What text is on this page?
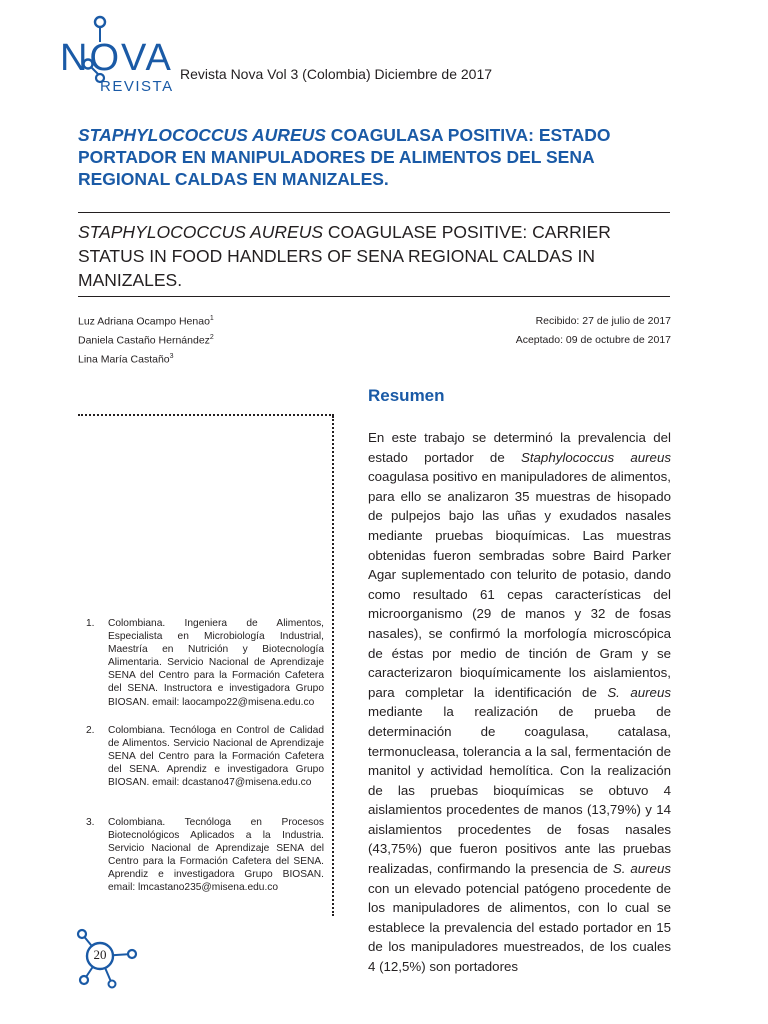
NOVA
REVISTA
Revista Nova Vol 3 (Colombia) Diciembre de 2017
STAPHYLOCOCCUS AUREUS COAGULASA POSITIVA: ESTADO PORTADOR EN MANIPULADORES DE ALIMENTOS DEL SENA REGIONAL CALDAS EN MANIZALES.
STAPHYLOCOCCUS AUREUS COAGULASE POSITIVE: CARRIER STATUS IN FOOD HANDLERS OF SENA REGIONAL CALDAS IN MANIZALES.
Luz Adriana Ocampo Henao$^1$
Daniela Castaño Hernández$^2$
Lina María Castaño$^3$
Recibido: 27 de julio de 2017
Aceptado: 09 de octubre de 2017
Resumen

En este trabajo se determinó la prevalencia del estado portador de Staphylococcus aureus coagulasa positivo en manipuladores de alimentos, para ello se analizaron 35 muestras de hisopado de pulpejos bajo las uñas y exudados nasales mediante pruebas bioquímicas. Las muestras obtenidas fueron sembradas sobre Baird Parker Agar suplementado con telurito de potasio, dando como resultado 61 cepas características del microorganismo (29 de manos y 32 de fosas nasales), se confirmó la morfología microscópica de éstas por medio de tinción de Gram y se caracterizaron bioquímicamente los aislamientos, para completar la identificación de S. aureus mediante la realización de prueba de determinación de coagulasa, catalasa, termonucleasa, tolerancia a la sal, fermentación de manitol y actividad hemolítica. Con la realización de las pruebas bioquímicas se obtuvo 4 aislamientos procedentes de manos (13,79%) y 14 aislamientos procedentes de fosas nasales (43,75%) que fueron positivos ante las pruebas realizadas, confirmando la presencia de S. aureus con un elevado potencial patógeno procedente de los manipuladores de alimentos, con lo cual se establece la prevalencia del estado portador en 15 de los manipuladores muestreados, de los cuales 4 (12,5%) son portadores

1. Colombiana. Ingeniera de Alimentos, Especialista en Microbiología Industrial, Maestría en Nutrición y Biotecnología Alimentaria. Servicio Nacional de Aprendizaje SENA del Centro para la Formación Cafetera del SENA. Instructora e investigadora Grupo BIOSAN. email: laocampo22@misena.edu.co
2. Colombiana. Tecnóloga en Control de Calidad de Alimentos. Servicio Nacional de Aprendizaje SENA del Centro para la Formación Cafetera del SENA. Aprendiz e investigadora Grupo BIOSAN. email: dcastano47@misena.edu.co
3. Colombiana. Tecnóloga en Procesos Biotecnológicos Aplicados a la Industria. Servicio Nacional de Aprendizaje SENA del Centro para la Formación Cafetera del SENA. Aprendiz e investigadora Grupo BIOSAN. email: lmcastano235@misena.edu.co
20
